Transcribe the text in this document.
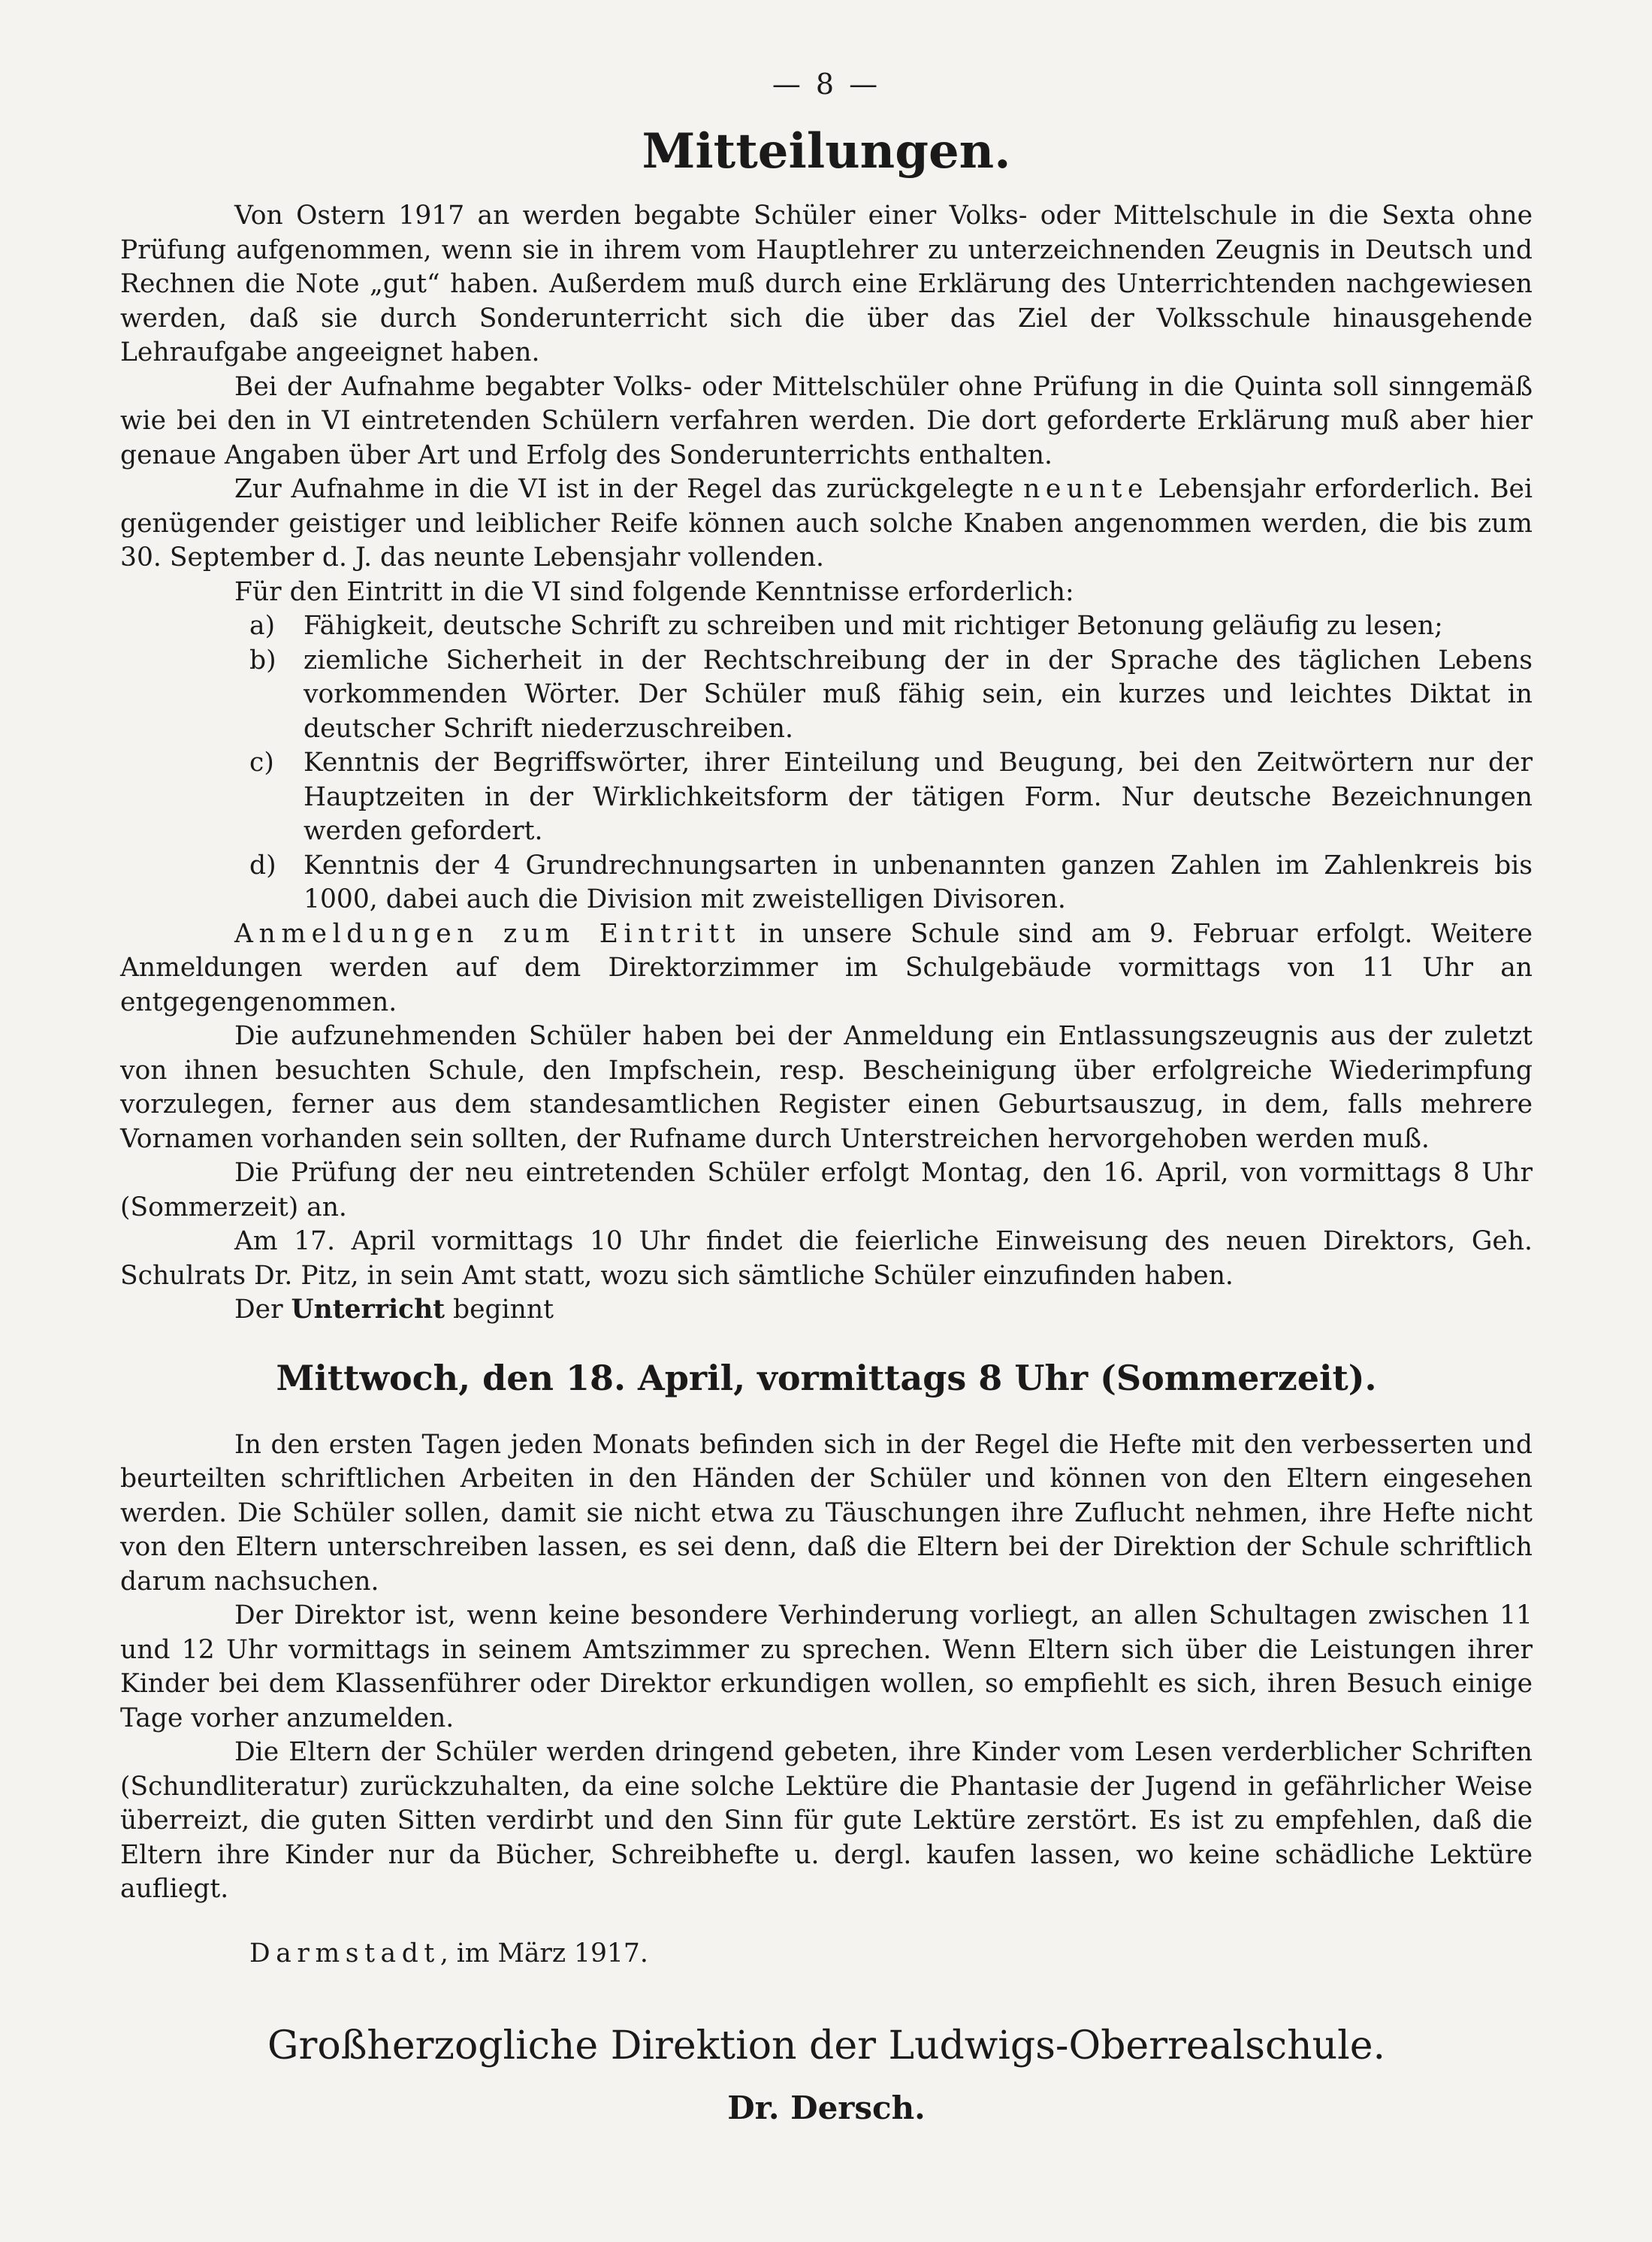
— 8 —
Mitteilungen.

Von Ostern 1917 an werden begabte Schüler einer Volks- oder Mittelschule in die Sexta ohne Prüfung aufgenommen, wenn sie in ihrem vom Hauptlehrer zu unterzeichnenden Zeugnis in Deutsch und Rechnen die Note „gut“ haben. Außerdem muß durch eine Erklärung des Unterrichtenden nachgewiesen werden, daß sie durch Sonderunterricht sich die über das Ziel der Volksschule hinausgehende Lehraufgabe angeeignet haben.

Bei der Aufnahme begabter Volks- oder Mittelschüler ohne Prüfung in die Quinta soll sinngemäß wie bei den in VI eintretenden Schülern verfahren werden. Die dort geforderte Erklärung muß aber hier genaue Angaben über Art und Erfolg des Sonderunterrichts enthalten.

Zur Aufnahme in die VI ist in der Regel das zurückgelegte neunte Lebensjahr erforderlich. Bei genügender geistiger und leiblicher Reife können auch solche Knaben angenommen werden, die bis zum 30. September d. J. das neunte Lebensjahr vollenden.

Für den Eintritt in die VI sind folgende Kenntnisse erforderlich:

a)	Fähigkeit, deutsche Schrift zu schreiben und mit richtiger Betonung geläufig zu lesen;
b)	ziemliche Sicherheit in der Rechtschreibung der in der Sprache des täglichen Lebens vorkommenden Wörter. Der Schüler muß fähig sein, ein kurzes und leichtes Diktat in deutscher Schrift niederzuschreiben.
c)	Kenntnis der Begriffswörter, ihrer Einteilung und Beugung, bei den Zeitwörtern nur der Hauptzeiten in der Wirklichkeitsform der tätigen Form. Nur deutsche Bezeichnungen werden gefordert.
d)	Kenntnis der 4 Grundrechnungsarten in unbenannten ganzen Zahlen im Zahlenkreis bis 1000, dabei auch die Division mit zweistelligen Divisoren.

Anmeldungen zum Eintritt in unsere Schule sind am 9. Februar erfolgt. Weitere Anmeldungen werden auf dem Direktorzimmer im Schulgebäude vormittags von 11 Uhr an entgegengenommen.

Die aufzunehmenden Schüler haben bei der Anmeldung ein Entlassungszeugnis aus der zuletzt von ihnen besuchten Schule, den Impfschein, resp. Bescheinigung über erfolgreiche Wiederimpfung vorzulegen, ferner aus dem standesamtlichen Register einen Geburtsauszug, in dem, falls mehrere Vornamen vorhanden sein sollten, der Rufname durch Unterstreichen hervorgehoben werden muß.

Die Prüfung der neu eintretenden Schüler erfolgt Montag, den 16. April, von vormittags 8 Uhr (Sommerzeit) an.

Am 17. April vormittags 10 Uhr findet die feierliche Einweisung des neuen Direktors, Geh. Schulrats Dr. Pitz, in sein Amt statt, wozu sich sämtliche Schüler einzufinden haben.

Der Unterricht beginnt

Mittwoch, den 18. April, vormittags 8 Uhr (Sommerzeit).

In den ersten Tagen jeden Monats befinden sich in der Regel die Hefte mit den verbesserten und beurteilten schriftlichen Arbeiten in den Händen der Schüler und können von den Eltern eingesehen werden. Die Schüler sollen, damit sie nicht etwa zu Täuschungen ihre Zuflucht nehmen, ihre Hefte nicht von den Eltern unterschreiben lassen, es sei denn, daß die Eltern bei der Direktion der Schule schriftlich darum nachsuchen.

Der Direktor ist, wenn keine besondere Verhinderung vorliegt, an allen Schultagen zwischen 11 und 12 Uhr vormittags in seinem Amtszimmer zu sprechen. Wenn Eltern sich über die Leistungen ihrer Kinder bei dem Klassenführer oder Direktor erkundigen wollen, so empfiehlt es sich, ihren Besuch einige Tage vorher anzumelden.

Die Eltern der Schüler werden dringend gebeten, ihre Kinder vom Lesen verderblicher Schriften (Schundliteratur) zurückzuhalten, da eine solche Lektüre die Phantasie der Jugend in gefährlicher Weise überreizt, die guten Sitten verdirbt und den Sinn für gute Lektüre zerstört. Es ist zu empfehlen, daß die Eltern ihre Kinder nur da Bücher, Schreibhefte u. dergl. kaufen lassen, wo keine schädliche Lektüre aufliegt.

Darmstadt, im März 1917.

Großherzogliche Direktion der Ludwigs-Oberrealschule.
Dr. Dersch.
